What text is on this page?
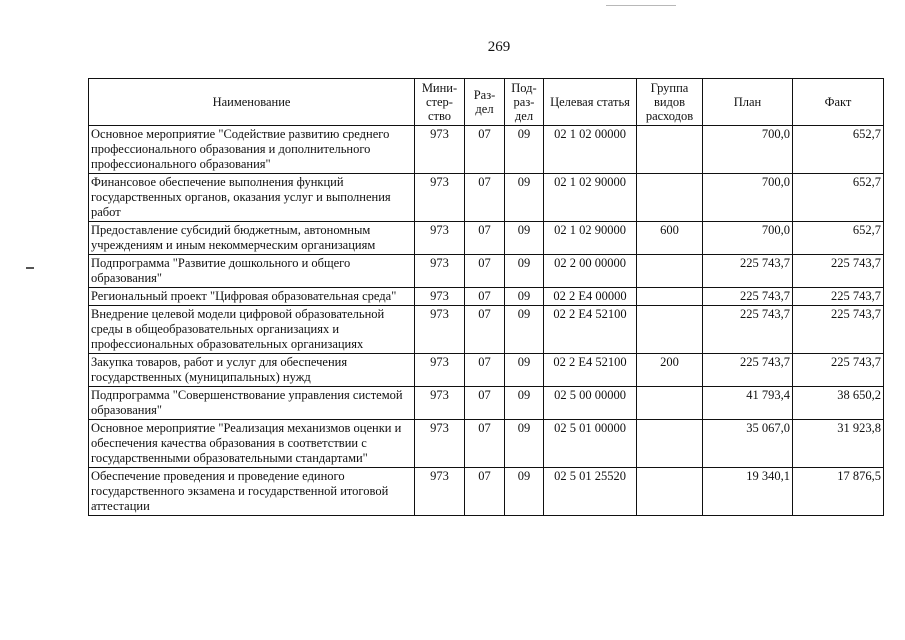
269
Наименование	Мини-стер-ство	Раз-дел	Под-раз-дел	Целевая статья	Группа видов расходов	План	Факт
Основное мероприятие "Содействие развитию среднего профессионального образования и дополнительного профессионального образования"	973	07	09	02 1 02 00000		700,0	652,7
Финансовое обеспечение выполнения функций государственных органов, оказания услуг и выполнения работ	973	07	09	02 1 02 90000		700,0	652,7
Предоставление субсидий бюджетным, автономным учреждениям и иным некоммерческим организациям	973	07	09	02 1 02 90000	600	700,0	652,7
Подпрограмма "Развитие дошкольного и общего образования"	973	07	09	02 2 00 00000		225 743,7	225 743,7
Региональный проект "Цифровая образовательная среда"	973	07	09	02 2 E4 00000		225 743,7	225 743,7
Внедрение целевой модели цифровой образовательной среды в общеобразовательных организациях и профессиональных образовательных организациях	973	07	09	02 2 E4 52100		225 743,7	225 743,7
Закупка товаров, работ и услуг для обеспечения государственных (муниципальных) нужд	973	07	09	02 2 E4 52100	200	225 743,7	225 743,7
Подпрограмма "Совершенствование управления системой образования"	973	07	09	02 5 00 00000		41 793,4	38 650,2
Основное мероприятие "Реализация механизмов оценки и обеспечения качества образования в соответствии с государственными образовательными стандартами"	973	07	09	02 5 01 00000		35 067,0	31 923,8
Обеспечение проведения и проведение единого государственного экзамена и государственной итоговой аттестации	973	07	09	02 5 01 25520		19 340,1	17 876,5
